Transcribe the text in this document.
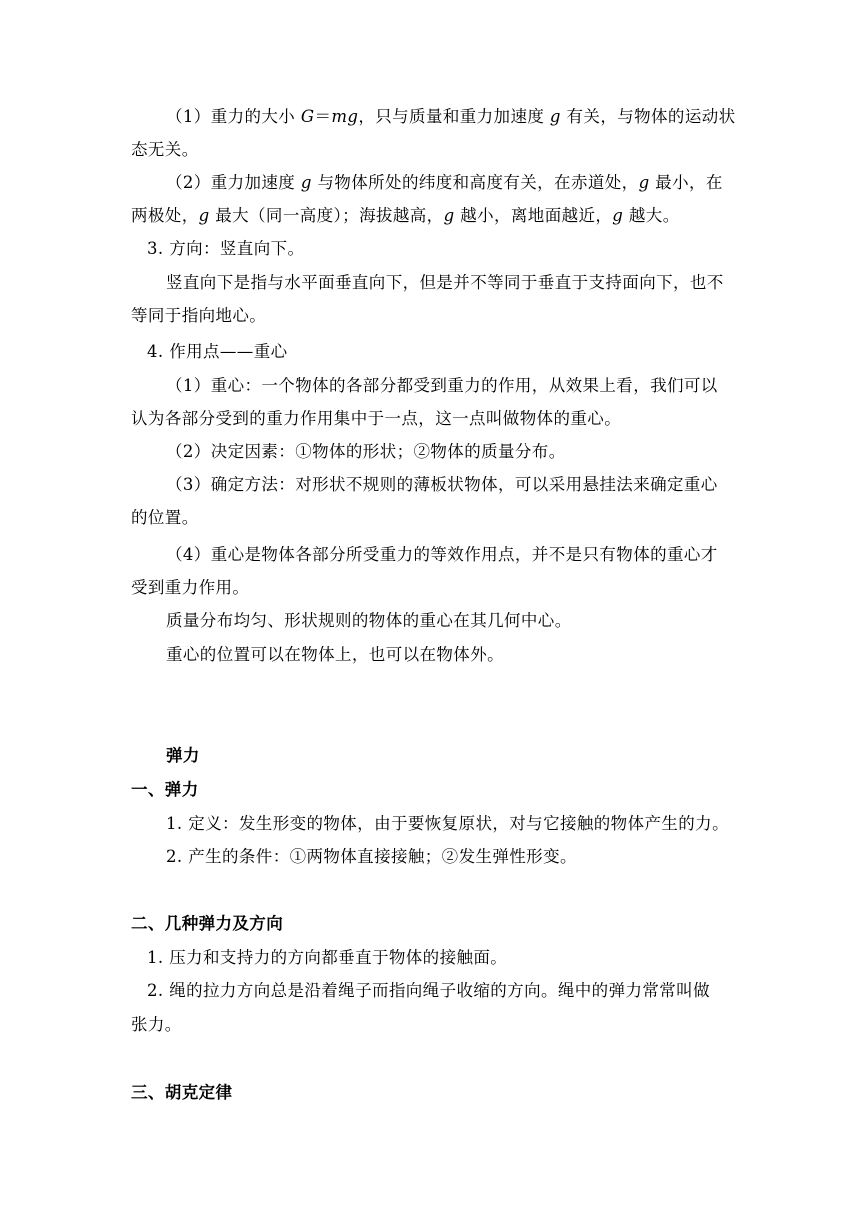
（1）重力的大小 G＝mg，只与质量和重力加速度 g 有关，与物体的运动状

态无关。

（2）重力加速度 g 与物体所处的纬度和高度有关，在赤道处，g 最小，在

两极处，g 最大（同一高度）；海拔越高，g 越小，离地面越近，g 越大。

3. 方向：竖直向下。

竖直向下是指与水平面垂直向下，但是并不等同于垂直于支持面向下，也不

等同于指向地心。

4. 作用点——重心

（1）重心：一个物体的各部分都受到重力的作用，从效果上看，我们可以

认为各部分受到的重力作用集中于一点，这一点叫做物体的重心。

（2）决定因素：①物体的形状；②物体的质量分布。

（3）确定方法：对形状不规则的薄板状物体，可以采用悬挂法来确定重心

的位置。

（4）重心是物体各部分所受重力的等效作用点，并不是只有物体的重心才

受到重力作用。

质量分布均匀、形状规则的物体的重心在其几何中心。

重心的位置可以在物体上，也可以在物体外。

弹力

一、弹力

1. 定义：发生形变的物体，由于要恢复原状，对与它接触的物体产生的力。

2. 产生的条件：①两物体直接接触；②发生弹性形变。

二、几种弹力及方向

1. 压力和支持力的方向都垂直于物体的接触面。

2. 绳的拉力方向总是沿着绳子而指向绳子收缩的方向。绳中的弹力常常叫做

张力。

三、胡克定律
